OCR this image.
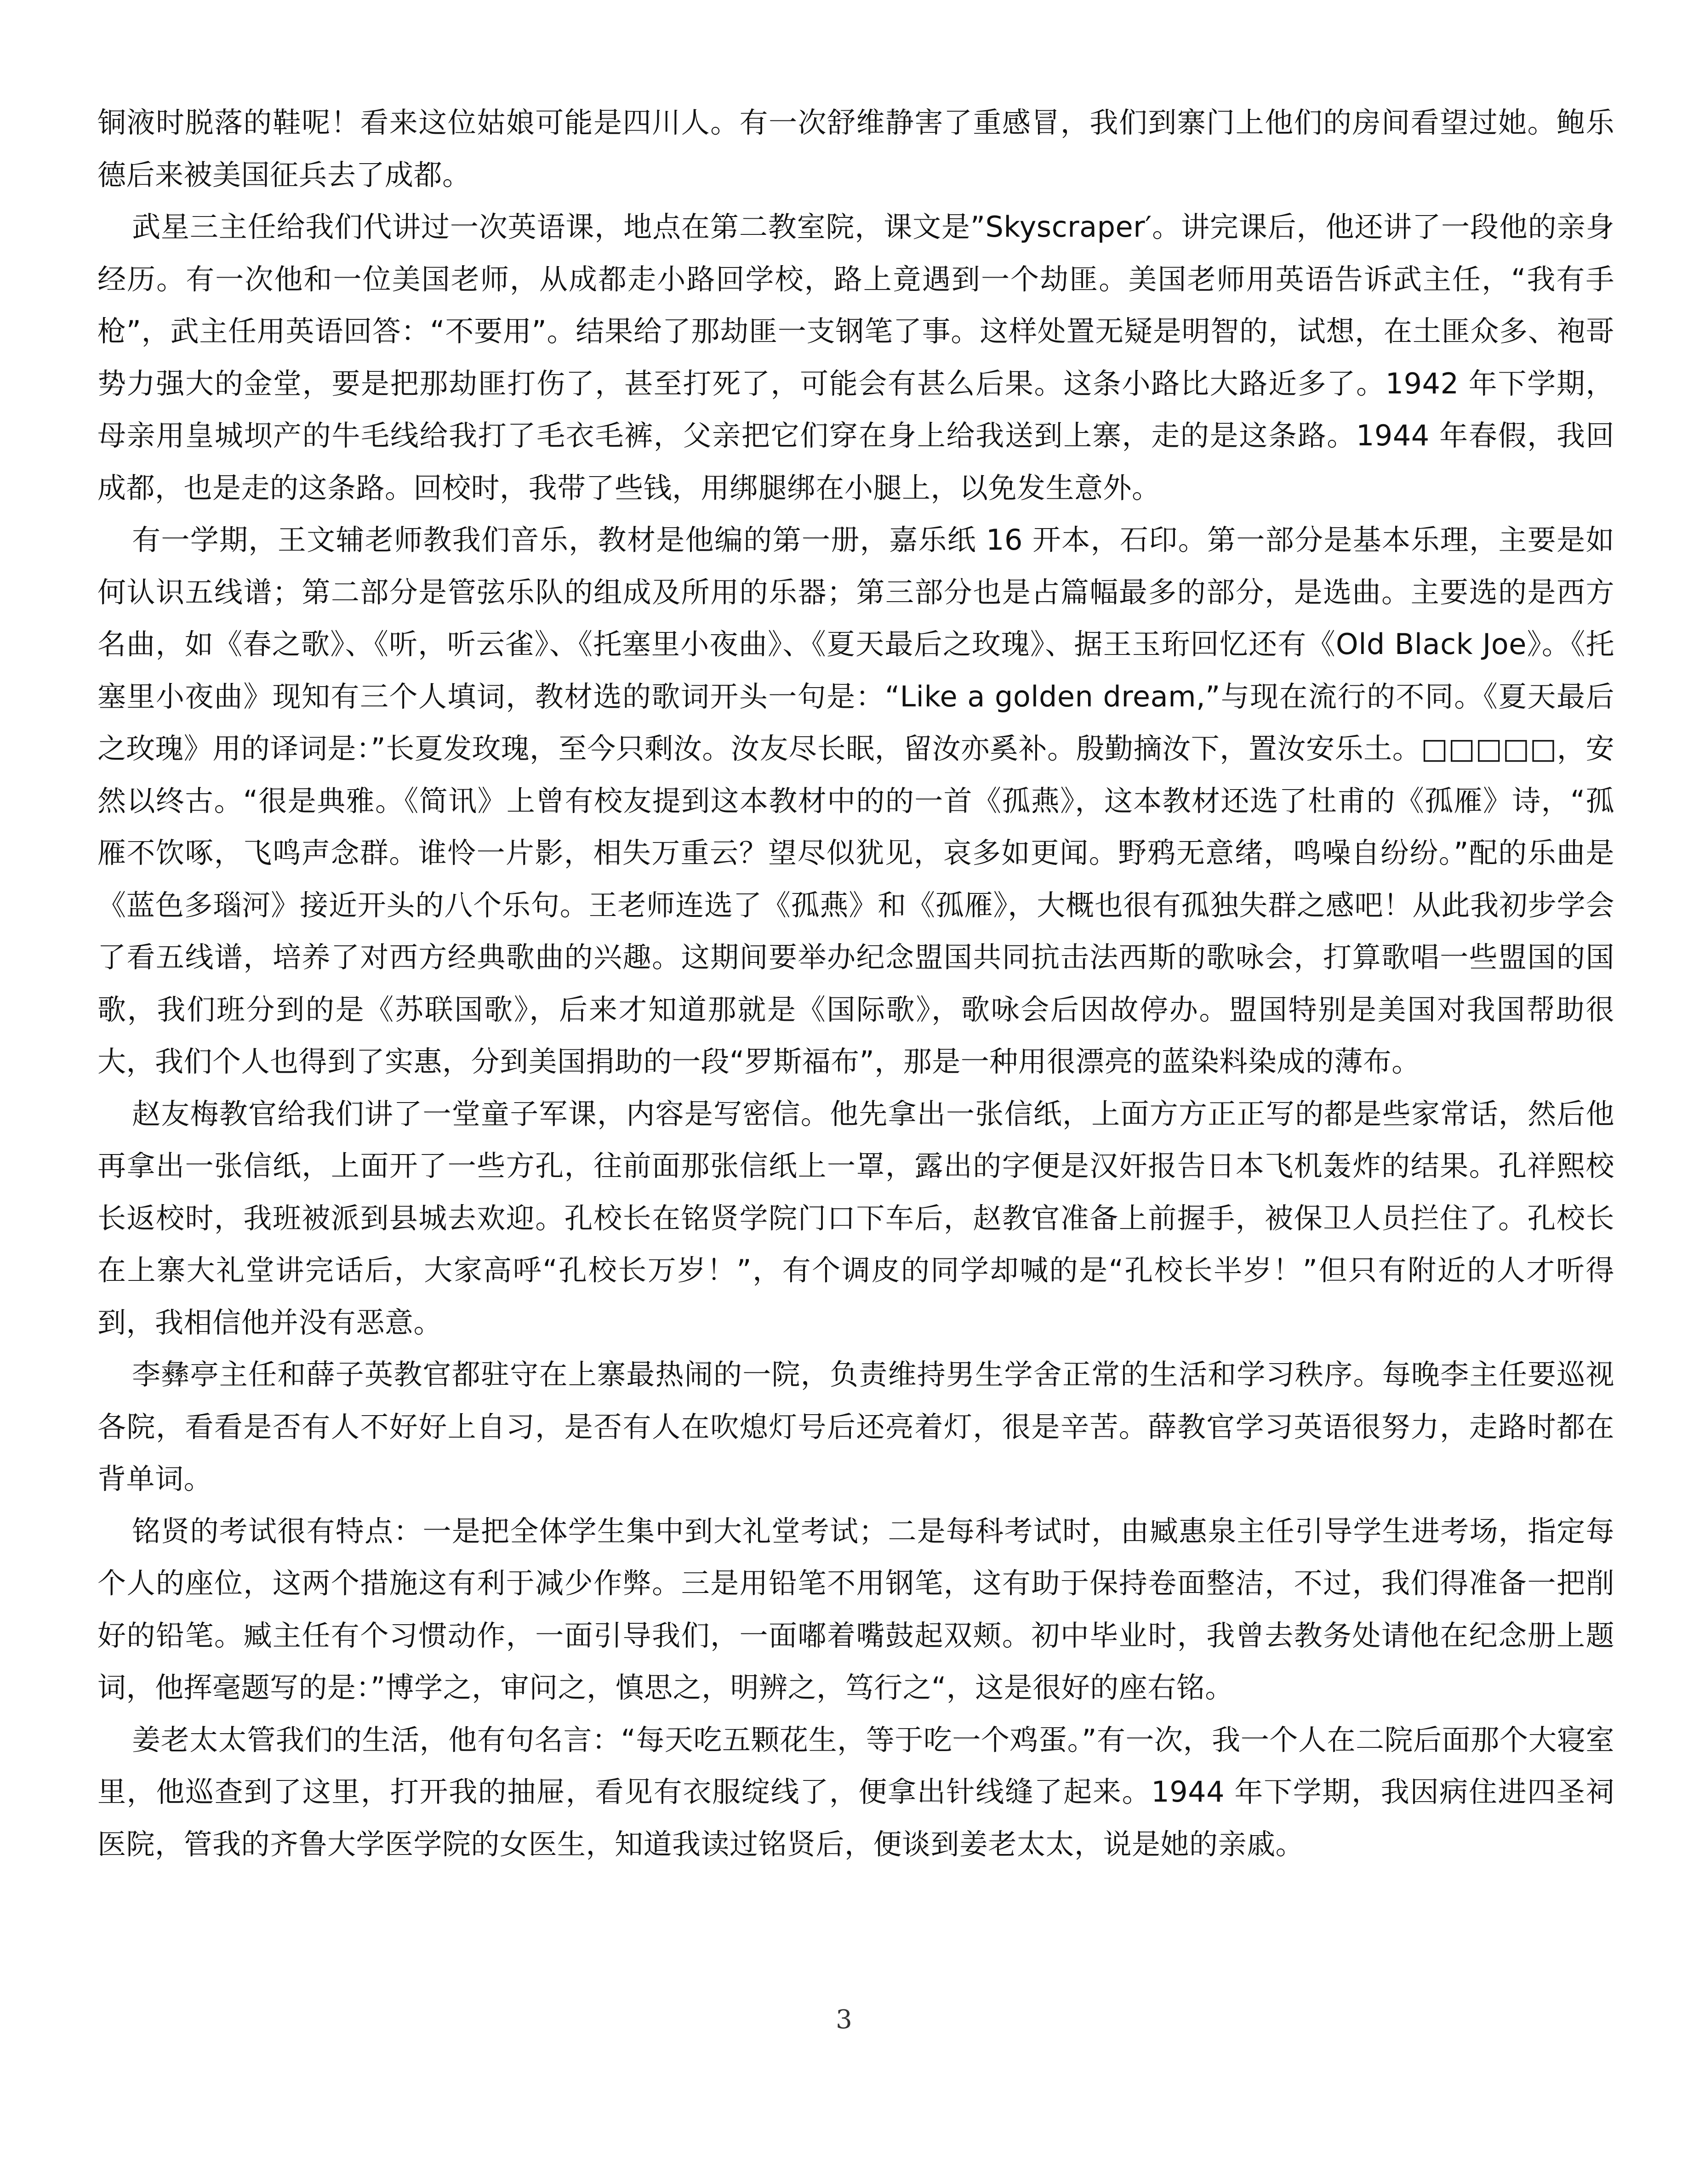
铜液时脱落的鞋呢！看来这位姑娘可能是四川人。有一次舒维静害了重感冒，我们到寨门上他们的房间看望过她。鲍乐德后来被美国征兵去了成都。

武星三主任给我们代讲过一次英语课，地点在第二教室院，课文是”Skyscraper′。讲完课后，他还讲了一段他的亲身经历。有一次他和一位美国老师，从成都走小路回学校，路上竟遇到一个劫匪。美国老师用英语告诉武主任，“我有手枪”，武主任用英语回答：“不要用”。结果给了那劫匪一支钢笔了事。这样处置无疑是明智的，试想，在土匪众多、袍哥势力强大的金堂，要是把那劫匪打伤了，甚至打死了，可能会有甚么后果。这条小路比大路近多了。1942 年下学期，母亲用皇城坝产的牛毛线给我打了毛衣毛裤，父亲把它们穿在身上给我送到上寨，走的是这条路。1944 年春假，我回成都，也是走的这条路。回校时，我带了些钱，用绑腿绑在小腿上，以免发生意外。

有一学期，王文辅老师教我们音乐，教材是他编的第一册，嘉乐纸 16 开本，石印。第一部分是基本乐理，主要是如何认识五线谱；第二部分是管弦乐队的组成及所用的乐器；第三部分也是占篇幅最多的部分，是选曲。主要选的是西方名曲，如《春之歌》、《听，听云雀》、《托塞里小夜曲》、《夏天最后之玫瑰》、据王玉珩回忆还有《Old Black Joe》。《托塞里小夜曲》现知有三个人填词，教材选的歌词开头一句是：“Like a golden dream,”与现在流行的不同。《夏天最后之玫瑰》用的译词是：”长夏发玫瑰，至今只剩汝。汝友尽长眠，留汝亦奚补。殷勤摘汝下，置汝安乐土。□□□□□，安然以终古。“很是典雅。《简讯》上曾有校友提到这本教材中的的一首《孤燕》，这本教材还选了杜甫的《孤雁》诗，“孤雁不饮啄，飞鸣声念群。谁怜一片影，相失万重云？望尽似犹见，哀多如更闻。野鸦无意绪，鸣噪自纷纷。”配的乐曲是《蓝色多瑙河》接近开头的八个乐句。王老师连选了《孤燕》和《孤雁》，大概也很有孤独失群之感吧！从此我初步学会了看五线谱，培养了对西方经典歌曲的兴趣。这期间要举办纪念盟国共同抗击法西斯的歌咏会，打算歌唱一些盟国的国歌，我们班分到的是《苏联国歌》，后来才知道那就是《国际歌》，歌咏会后因故停办。盟国特别是美国对我国帮助很大，我们个人也得到了实惠，分到美国捐助的一段“罗斯福布”，那是一种用很漂亮的蓝染料染成的薄布。

赵友梅教官给我们讲了一堂童子军课，内容是写密信。他先拿出一张信纸，上面方方正正写的都是些家常话，然后他再拿出一张信纸，上面开了一些方孔，往前面那张信纸上一罩，露出的字便是汉奸报告日本飞机轰炸的结果。孔祥熙校长返校时，我班被派到县城去欢迎。孔校长在铭贤学院门口下车后，赵教官准备上前握手，被保卫人员拦住了。孔校长在上寨大礼堂讲完话后，大家高呼“孔校长万岁！”，有个调皮的同学却喊的是“孔校长半岁！”但只有附近的人才听得到，我相信他并没有恶意。

李彝亭主任和薛子英教官都驻守在上寨最热闹的一院，负责维持男生学舍正常的生活和学习秩序。每晚李主任要巡视各院，看看是否有人不好好上自习，是否有人在吹熄灯号后还亮着灯，很是辛苦。薛教官学习英语很努力，走路时都在背单词。

铭贤的考试很有特点：一是把全体学生集中到大礼堂考试；二是每科考试时，由臧惠泉主任引导学生进考场，指定每个人的座位，这两个措施这有利于减少作弊。三是用铅笔不用钢笔，这有助于保持卷面整洁，不过，我们得准备一把削好的铅笔。臧主任有个习惯动作，一面引导我们，一面嘟着嘴鼓起双颊。初中毕业时，我曾去教务处请他在纪念册上题词，他挥毫题写的是：”博学之，审问之，慎思之，明辨之，笃行之“，这是很好的座右铭。

姜老太太管我们的生活，他有句名言：“每天吃五颗花生，等于吃一个鸡蛋。”有一次，我一个人在二院后面那个大寝室里，他巡查到了这里，打开我的抽屉，看见有衣服绽线了，便拿出针线缝了起来。1944 年下学期，我因病住进四圣祠医院，管我的齐鲁大学医学院的女医生，知道我读过铭贤后，便谈到姜老太太，说是她的亲戚。

3
